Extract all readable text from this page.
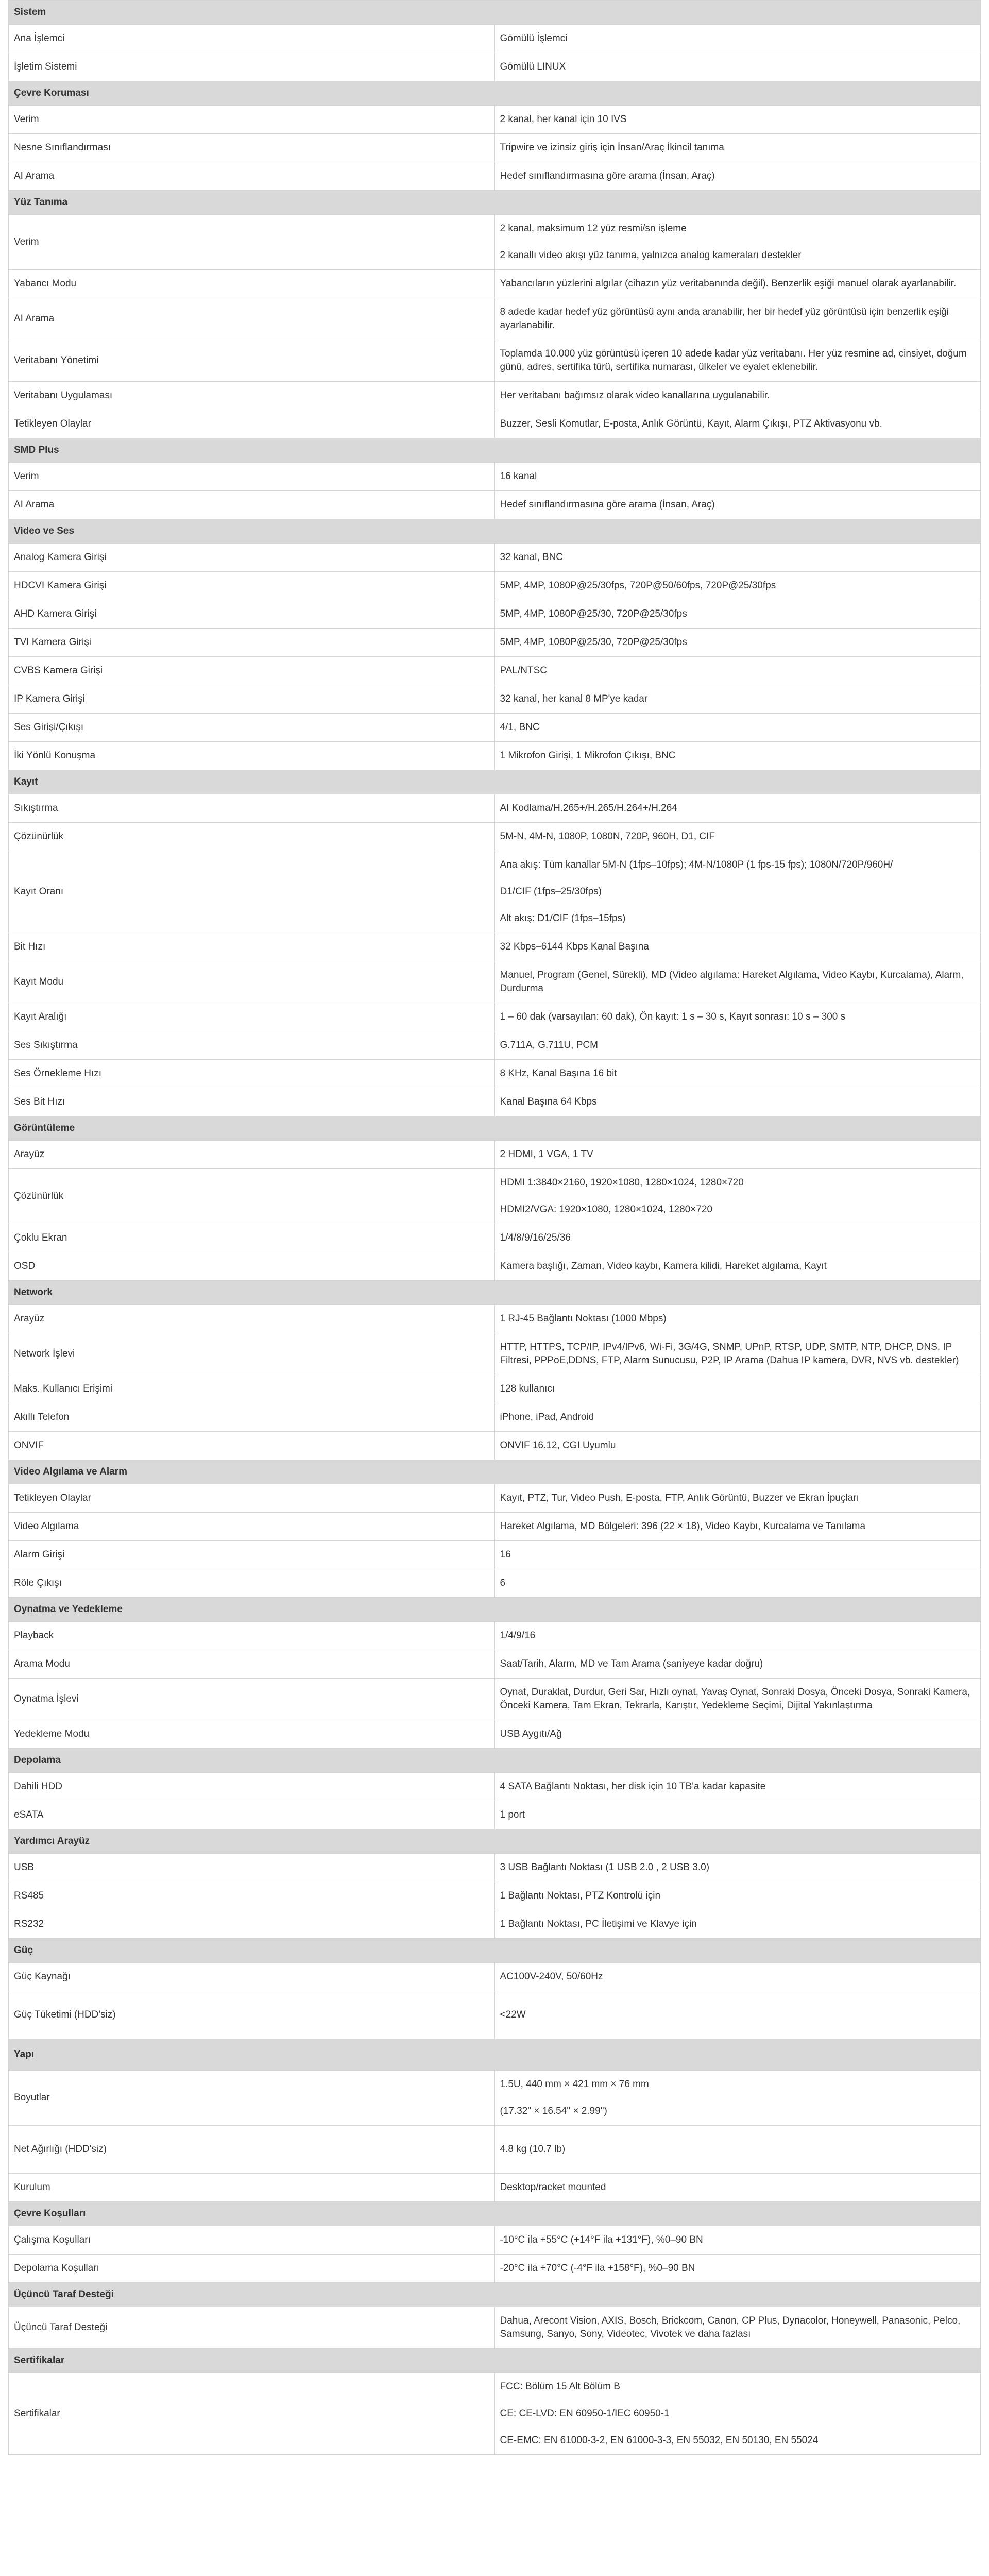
Sistem	
Ana İşlemci	Gömülü İşlemci

İşletim Sistemi	Gömülü LINUX

Çevre Koruması	
Verim	2 kanal, her kanal için 10 IVS

Nesne Sınıflandırması	Tripwire ve izinsiz giriş için İnsan/Araç İkincil tanıma

AI Arama	Hedef sınıflandırmasına göre arama (İnsan, Araç)

Yüz Tanıma	
Verim	2 kanal, maksimum 12 yüz resmi/sn işleme
2 kanallı video akışı yüz tanıma, yalnızca analog kameraları destekler

Yabancı Modu	Yabancıların yüzlerini algılar (cihazın yüz veritabanında değil). Benzerlik eşiği manuel olarak ayarlanabilir.

AI Arama	8 adede kadar hedef yüz görüntüsü aynı anda aranabilir, her bir hedef yüz görüntüsü için benzerlik eşiği ayarlanabilir.

Veritabanı Yönetimi	Toplamda 10.000 yüz görüntüsü içeren 10 adede kadar yüz veritabanı. Her yüz resmine ad, cinsiyet, doğum günü, adres, sertifika türü, sertifika numarası, ülkeler ve eyalet eklenebilir.

Veritabanı Uygulaması	Her veritabanı bağımsız olarak video kanallarına uygulanabilir.

Tetikleyen Olaylar	Buzzer, Sesli Komutlar, E-posta, Anlık Görüntü, Kayıt, Alarm Çıkışı, PTZ Aktivasyonu vb.

SMD Plus	
Verim	16 kanal

AI Arama	Hedef sınıflandırmasına göre arama (İnsan, Araç)

Video ve Ses	
Analog Kamera Girişi	32 kanal, BNC

HDCVI Kamera Girişi	5MP, 4MP, 1080P@25/30fps, 720P@50/60fps, 720P@25/30fps

AHD Kamera Girişi	5MP, 4MP, 1080P@25/30, 720P@25/30fps

TVI Kamera Girişi	5MP, 4MP, 1080P@25/30, 720P@25/30fps

CVBS Kamera Girişi	PAL/NTSC

IP Kamera Girişi	32 kanal, her kanal 8 MP'ye kadar

Ses Girişi/Çıkışı	4/1, BNC

İki Yönlü Konuşma	1 Mikrofon Girişi, 1 Mikrofon Çıkışı, BNC

Kayıt	
Sıkıştırma	AI Kodlama/H.265+/H.265/H.264+/H.264

Çözünürlük	5M-N, 4M-N, 1080P, 1080N, 720P, 960H, D1, CIF

Kayıt Oranı	Ana akış: Tüm kanallar 5M-N (1fps–10fps); 4M-N/1080P (1 fps-15 fps); 1080N/720P/960H/
D1/CIF (1fps–25/30fps)
Alt akış: D1/CIF (1fps–15fps)

Bit Hızı	32 Kbps–6144 Kbps Kanal Başına

Kayıt Modu	Manuel, Program (Genel, Sürekli), MD (Video algılama: Hareket Algılama, Video Kaybı, Kurcalama), Alarm, Durdurma

Kayıt Aralığı	1 – 60 dak (varsayılan: 60 dak), Ön kayıt: 1 s – 30 s, Kayıt sonrası: 10 s – 300 s

Ses Sıkıştırma	G.711A, G.711U, PCM

Ses Örnekleme Hızı	8 KHz, Kanal Başına 16 bit

Ses Bit Hızı	Kanal Başına 64 Kbps

Görüntüleme	
Arayüz	2 HDMI, 1 VGA, 1 TV

Çözünürlük	HDMI 1:3840×2160, 1920×1080, 1280×1024, 1280×720
HDMI2/VGA: 1920×1080, 1280×1024, 1280×720

Çoklu Ekran	1/4/8/9/16/25/36

OSD	Kamera başlığı, Zaman, Video kaybı, Kamera kilidi, Hareket algılama, Kayıt

Network	
Arayüz	1 RJ-45 Bağlantı Noktası (1000 Mbps)

Network İşlevi	HTTP, HTTPS, TCP/IP, IPv4/IPv6, Wi-Fi, 3G/4G, SNMP, UPnP, RTSP, UDP, SMTP, NTP, DHCP, DNS, IP Filtresi, PPPoE,DDNS, FTP, Alarm Sunucusu, P2P, IP Arama (Dahua IP kamera, DVR, NVS vb. destekler)

Maks. Kullanıcı Erişimi	128 kullanıcı

Akıllı Telefon	iPhone, iPad, Android

ONVIF	ONVIF 16.12, CGI Uyumlu

Video Algılama ve Alarm	
Tetikleyen Olaylar	Kayıt, PTZ, Tur, Video Push, E-posta, FTP, Anlık Görüntü, Buzzer ve Ekran İpuçları

Video Algılama	Hareket Algılama, MD Bölgeleri: 396 (22 × 18), Video Kaybı, Kurcalama ve Tanılama

Alarm Girişi	16

Röle Çıkışı	6

Oynatma ve Yedekleme	
Playback	1/4/9/16

Arama Modu	Saat/Tarih, Alarm, MD ve Tam Arama (saniyeye kadar doğru)

Oynatma İşlevi	Oynat, Duraklat, Durdur, Geri Sar, Hızlı oynat, Yavaş Oynat, Sonraki Dosya, Önceki Dosya, Sonraki Kamera, Önceki Kamera, Tam Ekran, Tekrarla, Karıştır, Yedekleme Seçimi, Dijital Yakınlaştırma

Yedekleme Modu	USB Aygıtı/Ağ

Depolama	
Dahili HDD	4 SATA Bağlantı Noktası, her disk için 10 TB'a kadar kapasite

eSATA	1 port

Yardımcı Arayüz	
USB	3 USB Bağlantı Noktası (1 USB 2.0 , 2 USB 3.0)

RS485	1 Bağlantı Noktası, PTZ Kontrolü için

RS232	1 Bağlantı Noktası, PC İletişimi ve Klavye için

Güç	
Güç Kaynağı	AC100V-240V, 50/60Hz

Güç Tüketimi (HDD'siz)	<22W

Yapı	
Boyutlar	1.5U, 440 mm × 421 mm × 76 mm
(17.32" × 16.54" × 2.99")

Net Ağırlığı (HDD'siz)	4.8 kg (10.7 lb)

Kurulum	Desktop/racket mounted

Çevre Koşulları	
Çalışma Koşulları	-10°C ila +55°C (+14°F ila +131°F), %0–90 BN

Depolama Koşulları	-20°C ila +70°C (-4°F ila +158°F), %0–90 BN

Üçüncü Taraf Desteği	
Üçüncü Taraf Desteği	Dahua, Arecont Vision, AXIS, Bosch, Brickcom, Canon, CP Plus, Dynacolor, Honeywell, Panasonic, Pelco, Samsung, Sanyo, Sony, Videotec, Vivotek ve daha fazlası

Sertifikalar	
Sertifikalar	FCC: Bölüm 15 Alt Bölüm B
CE: CE-LVD: EN 60950-1/IEC 60950-1
CE-EMC: EN 61000-3-2, EN 61000-3-3, EN 55032, EN 50130, EN 55024
